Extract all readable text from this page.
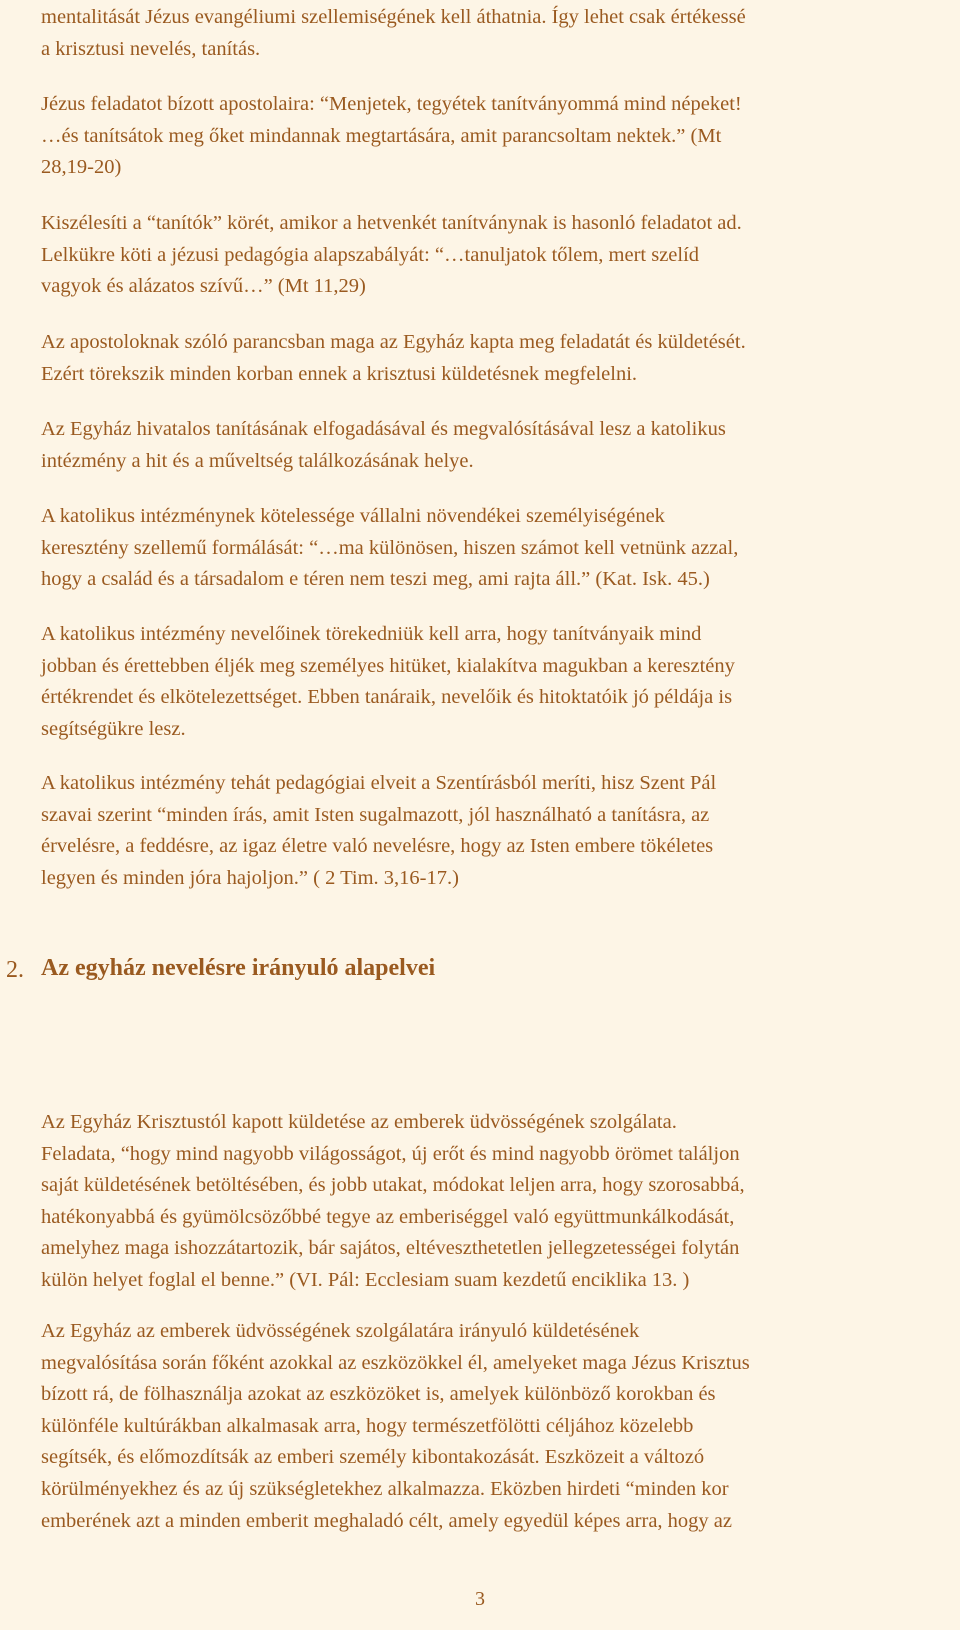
mentalitását Jézus evangéliumi szellemiségének kell áthatnia. Így lehet csak értékessé
a krisztusi nevelés, tanítás.

Jézus feladatot bízott apostolaira: “Menjetek, tegyétek tanítványommá mind népeket!
…és tanítsátok meg őket mindannak megtartására, amit parancsoltam nektek.” (Mt
28,19-20)

Kiszélesíti a “tanítók” körét, amikor a hetvenkét tanítványnak is hasonló feladatot ad.
Lelkükre köti a jézusi pedagógia alapszabályát: “…tanuljatok tőlem, mert szelíd
vagyok és alázatos szívű…” (Mt 11,29)

Az apostoloknak szóló parancsban maga az Egyház kapta meg feladatát és küldetését.
Ezért törekszik minden korban ennek a krisztusi küldetésnek megfelelni.

Az Egyház hivatalos tanításának elfogadásával és megvalósításával lesz a katolikus
intézmény a hit és a műveltség találkozásának helye.

A katolikus intézménynek kötelessége vállalni növendékei személyiségének
keresztény szellemű formálását: “…ma különösen, hiszen számot kell vetnünk azzal,
hogy a család és a társadalom e téren nem teszi meg, ami rajta áll.” (Kat. Isk. 45.)

A katolikus intézmény nevelőinek törekedniük kell arra, hogy tanítványaik mind
jobban és érettebben éljék meg személyes hitüket, kialakítva magukban a keresztény
értékrendet és elkötelezettséget. Ebben tanáraik, nevelőik és hitoktatóik jó példája is
segítségükre lesz.

A katolikus intézmény tehát pedagógiai elveit a Szentírásból meríti, hisz Szent Pál
szavai szerint “minden írás, amit Isten sugalmazott, jól használható a tanításra, az
érvelésre, a feddésre, az igaz életre való nevelésre, hogy az Isten embere tökéletes
legyen és minden jóra hajoljon.” ( 2 Tim. 3,16-17.)

2. Az egyház nevelésre irányuló alapelvei

Az Egyház Krisztustól kapott küldetése az emberek üdvösségének szolgálata.
Feladata, “hogy mind nagyobb világosságot, új erőt és mind nagyobb örömet találjon
saját küldetésének betöltésében, és jobb utakat, módokat leljen arra, hogy szorosabbá,
hatékonyabbá és gyümölcsözőbbé tegye az emberiséggel való együttmunkálkodását,
amelyhez maga ishozzátartozik, bár sajátos, eltéveszthetetlen jellegzetességei folytán
külön helyet foglal el benne.” (VI. Pál: Ecclesiam suam kezdetű enciklika 13. )

Az Egyház az emberek üdvösségének szolgálatára irányuló küldetésének
megvalósítása során főként azokkal az eszközökkel él, amelyeket maga Jézus Krisztus
bízott rá, de fölhasználja azokat az eszközöket is, amelyek különböző korokban és
különféle kultúrákban alkalmasak arra, hogy természetfölötti céljához közelebb
segítsék, és előmozdítsák az emberi személy kibontakozását. Eszközeit a változó
körülményekhez és az új szükségletekhez alkalmazza. Eközben hirdeti “minden kor
emberének azt a minden emberit meghaladó célt, amely egyedül képes arra, hogy az

3
